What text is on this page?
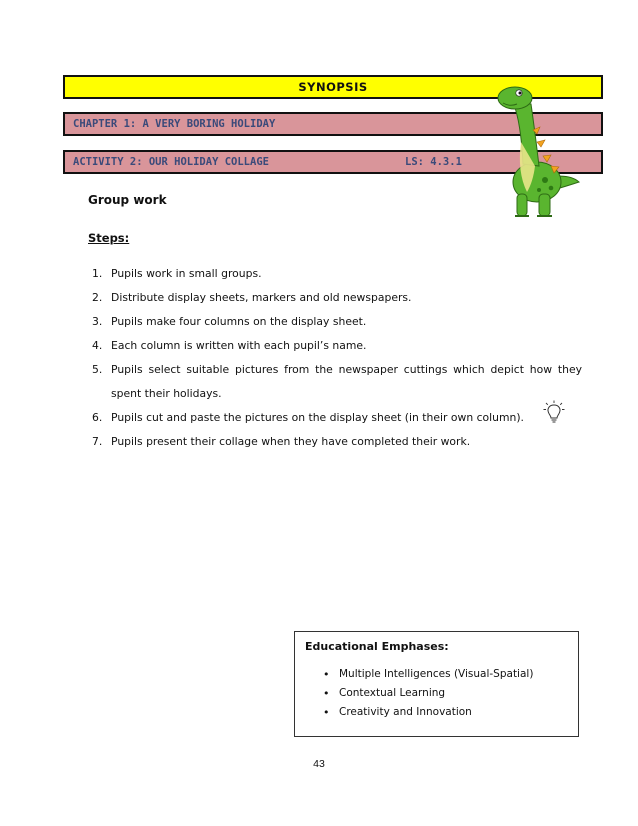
SYNOPSIS
CHAPTER 1: A VERY BORING HOLIDAY
ACTIVITY 2: OUR HOLIDAY COLLAGE	LS: 4.3.1
Group work
Steps:
1. Pupils work in small groups.
2. Distribute display sheets, markers and old newspapers.
3. Pupils make four columns on the display sheet.
4. Each column is written with each pupil’s name.
5. Pupils select suitable pictures from the newspaper cuttings which depict how they
spent their holidays.
6. Pupils cut and paste the pictures on the display sheet (in their own column).
7. Pupils present their collage when they have completed their work.
Educational Emphases:
• Multiple Intelligences (Visual-Spatial)
• Contextual Learning
• Creativity and Innovation
43
